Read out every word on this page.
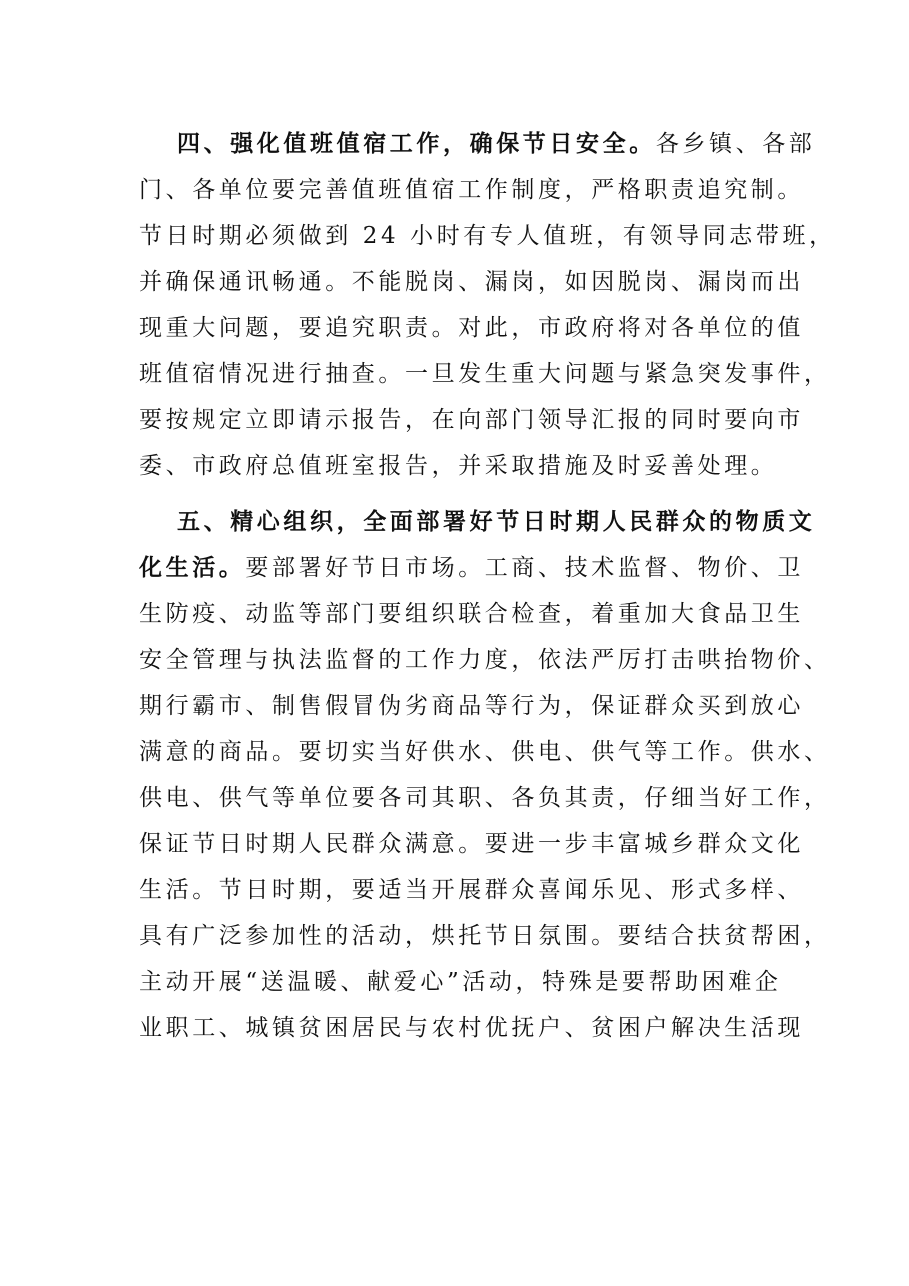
四、强化值班值宿工作，确保节日安全。各乡镇、各部
门、各单位要完善值班值宿工作制度，严格职责追究制。
节日时期必须做到 24 小时有专人值班，有领导同志带班，
并确保通讯畅通。不能脱岗、漏岗，如因脱岗、漏岗而出
现重大问题，要追究职责。对此，市政府将对各单位的值
班值宿情况进行抽查。一旦发生重大问题与紧急突发事件，
要按规定立即请示报告，在向部门领导汇报的同时要向市
委、市政府总值班室报告，并采取措施及时妥善处理。
五、精心组织，全面部署好节日时期人民群众的物质文
化生活。要部署好节日市场。工商、技术监督、物价、卫
生防疫、动监等部门要组织联合检查，着重加大食品卫生
安全管理与执法监督的工作力度，依法严厉打击哄抬物价、
期行霸市、制售假冒伪劣商品等行为，保证群众买到放心
满意的商品。要切实当好供水、供电、供气等工作。供水、
供电、供气等单位要各司其职、各负其责，仔细当好工作，
保证节日时期人民群众满意。要进一步丰富城乡群众文化
生活。节日时期，要适当开展群众喜闻乐见、形式多样、
具有广泛参加性的活动，烘托节日氛围。要结合扶贫帮困，
主动开展“送温暖、献爱心”活动，特殊是要帮助困难企
业职工、城镇贫困居民与农村优抚户、贫困户解决生活现
